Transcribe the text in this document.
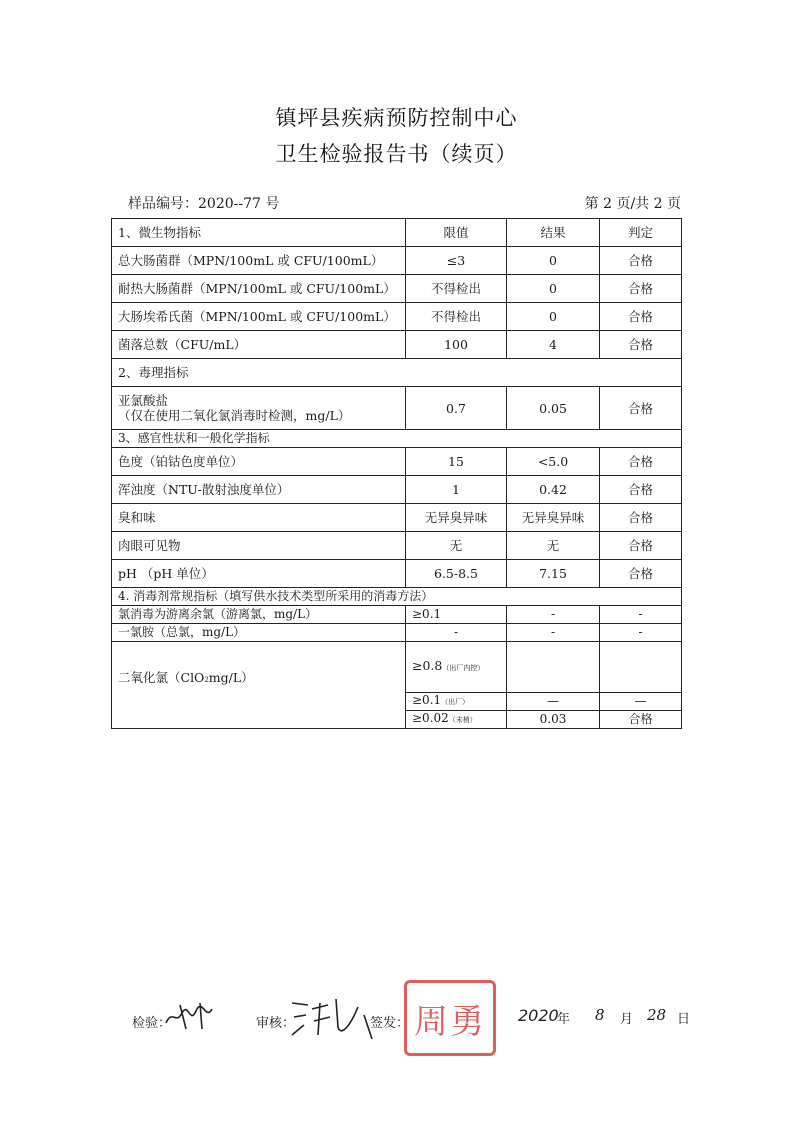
镇坪县疾病预防控制中心
卫生检验报告书（续页）
样品编号：2020--77 号	第 2 页/共 2 页
1、微生物指标	限值	结果	判定
总大肠菌群（MPN/100mL 或 CFU/100mL）	≤3	0	合格
耐热大肠菌群（MPN/100mL 或 CFU/100mL）	不得检出	0	合格
大肠埃希氏菌（MPN/100mL 或 CFU/100mL）	不得检出	0	合格
菌落总数（CFU/mL）	100	4	合格
2、毒理指标			

亚氯酸盐
（仅在使用二氧化氯消毒时检测，mg/L）	0.7	0.05	合格
3、感官性状和一般化学指标			
色度（铂钴色度单位）	15	<5.0	合格
浑浊度（NTU-散射浊度单位）	1	0.42	合格
臭和味	无异臭异味	无异臭异味	合格
肉眼可见物	无	无	合格
pH （pH 单位）	6.5-8.5	7.15	合格
4. 消毒剂常规指标（填写供水技术类型所采用的消毒方法）			
氯消毒为游离余氯（游离氯，mg/L）	≥0.1	-	-
一氯胺（总氯，mg/L）	-	-	-
二氧化氯（ClO2mg/L）	≥0.8（出厂内控）		
	≥0.1（出厂）	—	—
	≥0.02（末梢）	0.03	合格
检验：	审核：	签发： 周勇	2020
年 8 月 28 日
